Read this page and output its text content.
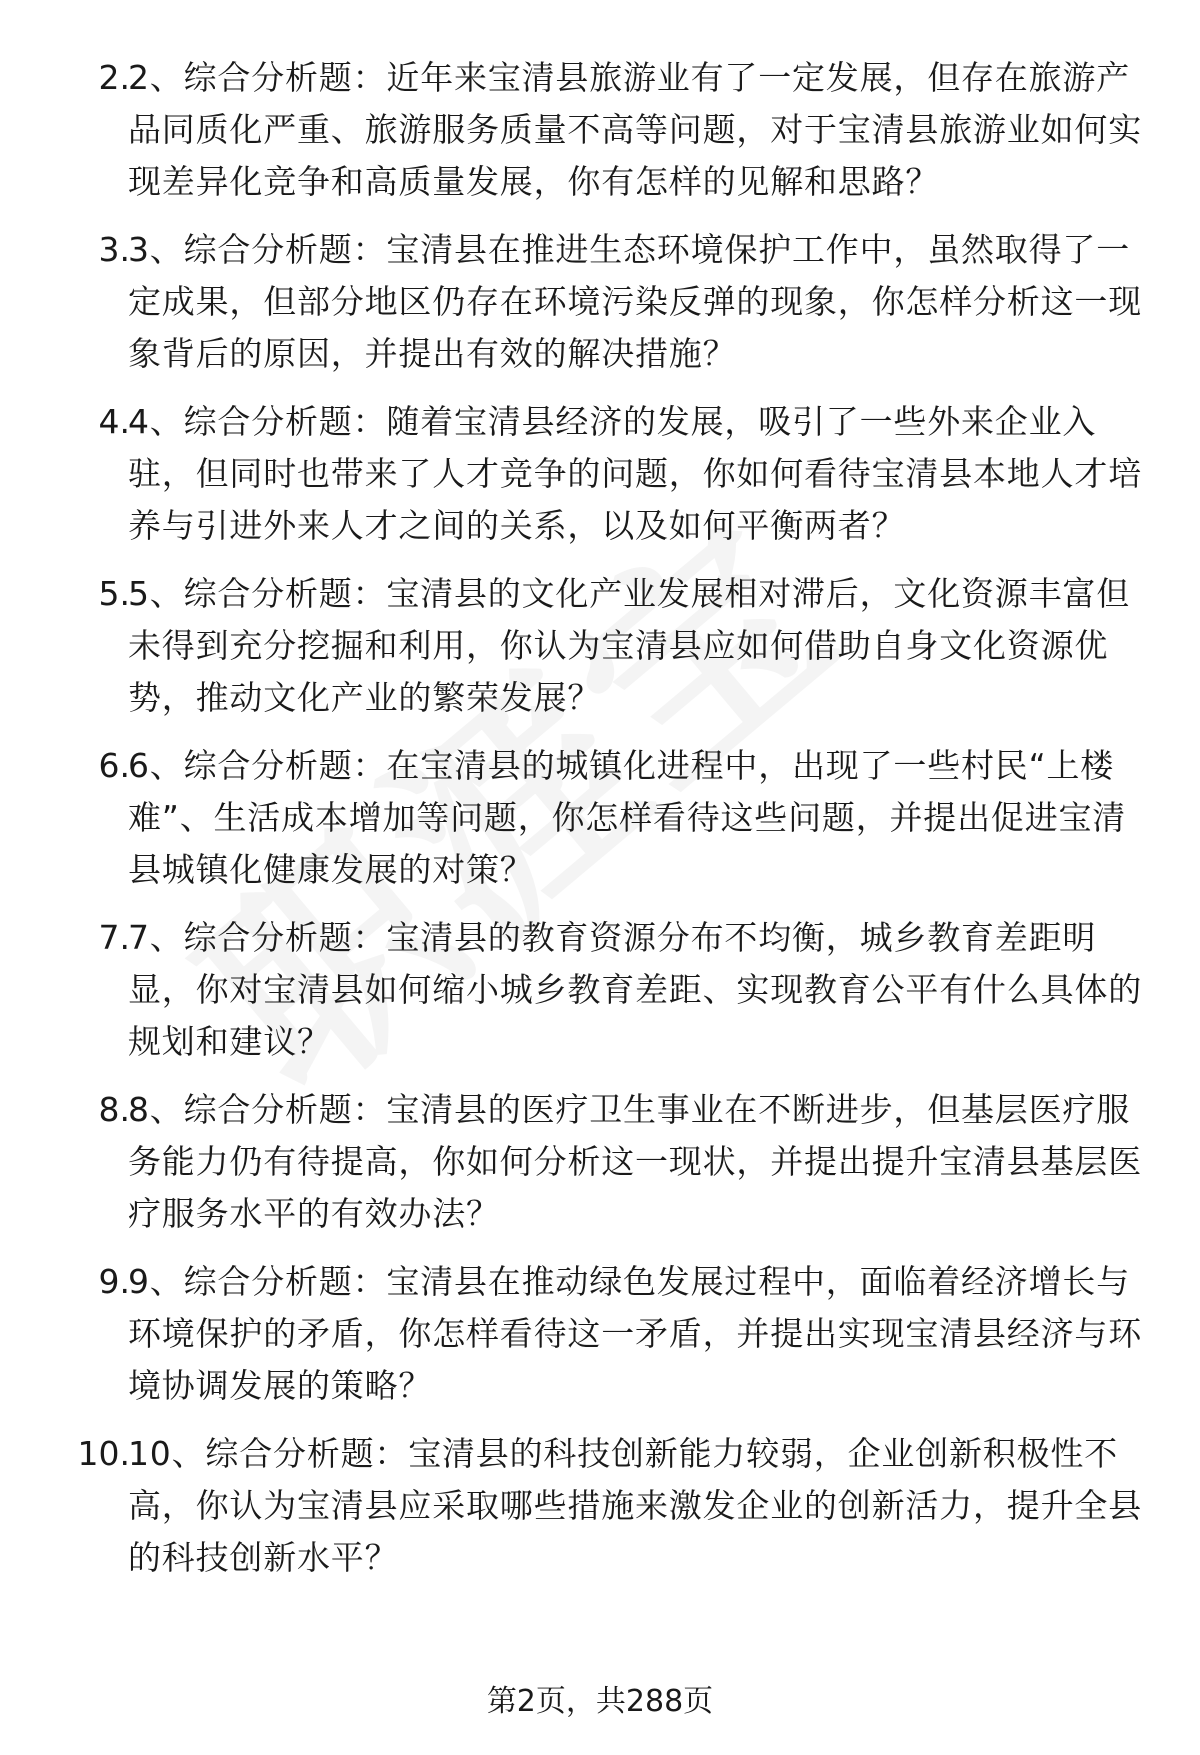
2.
2、综合分析题：近年来宝清县旅游业有了一定发展，但存在旅游产品同质化严重、旅游服务质量不高等问题，对于宝清县旅游业如何实现差异化竞争和高质量发展，你有怎样的见解和思路？
3.
3、综合分析题：宝清县在推进生态环境保护工作中，虽然取得了一定成果，但部分地区仍存在环境污染反弹的现象，你怎样分析这一现象背后的原因，并提出有效的解决措施？
4.
4、综合分析题：随着宝清县经济的发展，吸引了一些外来企业入驻，但同时也带来了人才竞争的问题，你如何看待宝清县本地人才培养与引进外来人才之间的关系，以及如何平衡两者？
5.
5、综合分析题：宝清县的文化产业发展相对滞后，文化资源丰富但未得到充分挖掘和利用，你认为宝清县应如何借助自身文化资源优势，推动文化产业的繁荣发展？
6.
6、综合分析题：在宝清县的城镇化进程中，出现了一些村民“上楼难”、生活成本增加等问题，你怎样看待这些问题，并提出促进宝清县城镇化健康发展的对策？
7.
7、综合分析题：宝清县的教育资源分布不均衡，城乡教育差距明显，你对宝清县如何缩小城乡教育差距、实现教育公平有什么具体的规划和建议？
8.
8、综合分析题：宝清县的医疗卫生事业在不断进步，但基层医疗服务能力仍有待提高，你如何分析这一现状，并提出提升宝清县基层医疗服务水平的有效办法？
9.
9、综合分析题：宝清县在推动绿色发展过程中，面临着经济增长与环境保护的矛盾，你怎样看待这一矛盾，并提出实现宝清县经济与环境协调发展的策略？
10.
10、综合分析题：宝清县的科技创新能力较弱，企业创新积极性不高，你认为宝清县应采取哪些措施来激发企业的创新活力，提升全县的科技创新水平？
第2页，共288页
